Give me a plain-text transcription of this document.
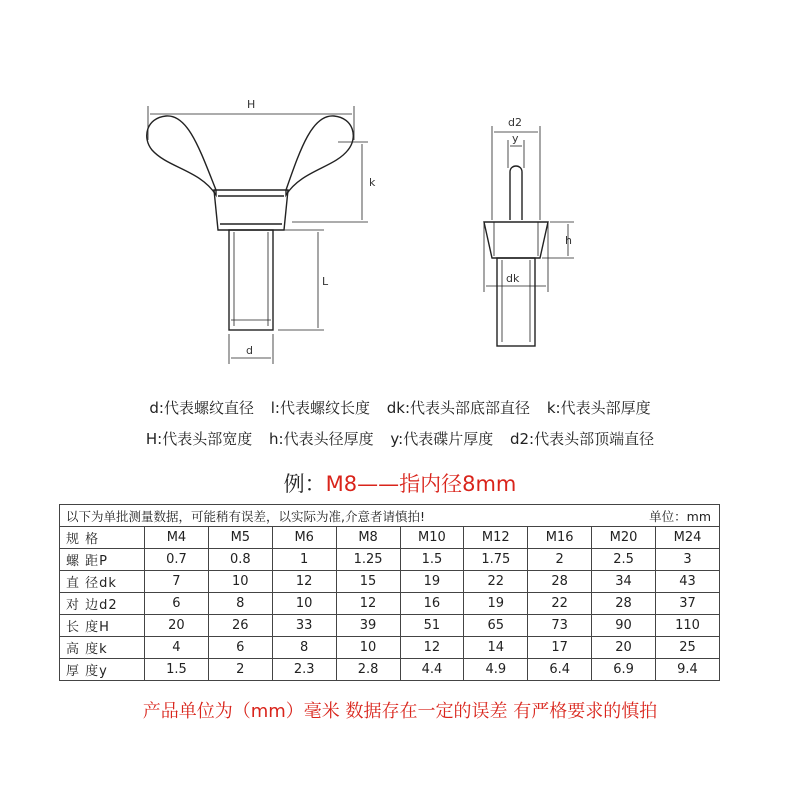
H
k
L
d
d2
y
h
dk
d:代表螺纹直径 l:代表螺纹长度 dk:代表头部底部直径 k:代表头部厚度
H:代表头部宽度 h:代表头径厚度 y:代表碟片厚度 d2:代表头部顶端直径
例：M8——指内径8mm
以下为单批测量数据，可能稍有误差，以实际为准,介意者请慎拍! 单位：mm									

规 格	M4	M5	M6	M8	M10	M12	M16	M20	M24
螺 距P	0.7	0.8	1	1.25	1.5	1.75	2	2.5	3
直 径dk	7	10	12	15	19	22	28	34	43
对 边d2	6	8	10	12	16	19	22	28	37
长 度H	20	26	33	39	51	65	73	90	110
高 度k	4	6	8	10	12	14	17	20	25
厚 度y	1.5	2	2.3	2.8	4.4	4.9	6.4	6.9	9.4
产品单位为（mm）毫米 数据存在一定的误差 有严格要求的慎拍
